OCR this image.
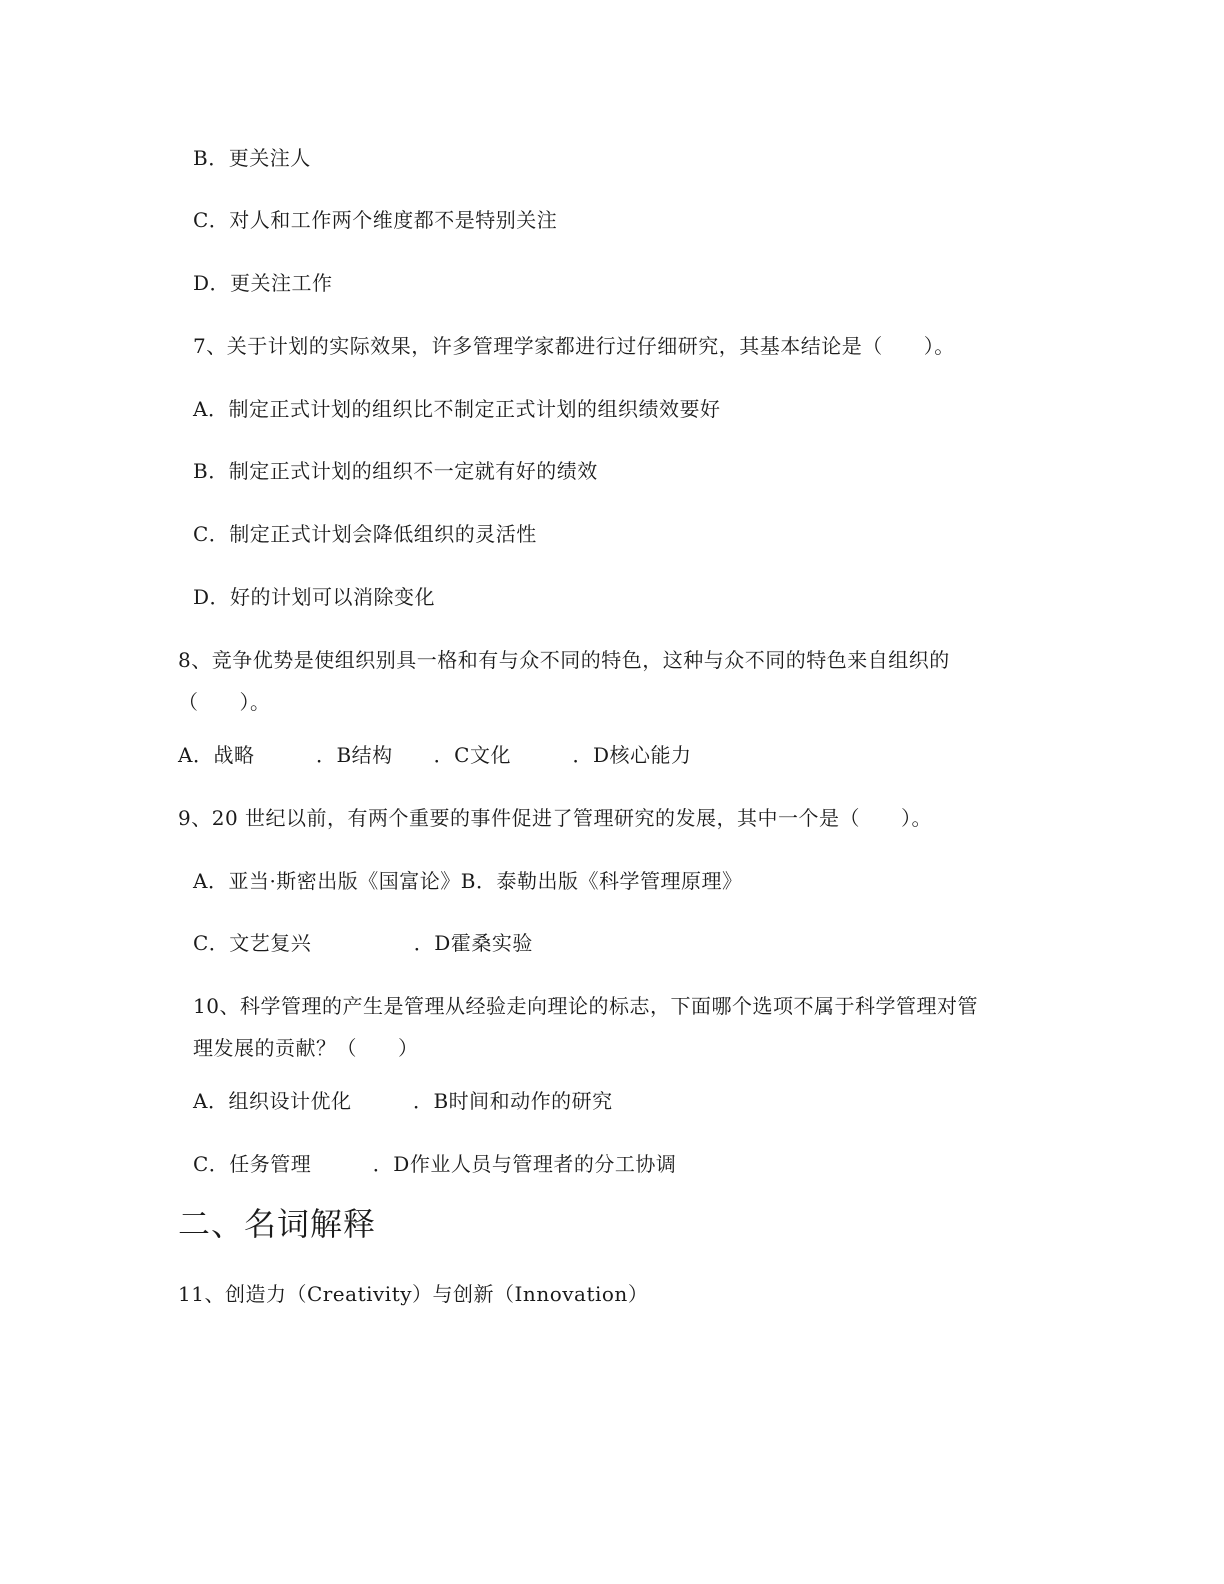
B．更关注人
C．对人和工作两个维度都不是特别关注
D．更关注工作
7、关于计划的实际效果，许多管理学家都进行过仔细研究，其基本结论是（　　）。
A．制定正式计划的组织比不制定正式计划的组织绩效要好
B．制定正式计划的组织不一定就有好的绩效
C．制定正式计划会降低组织的灵活性
D．好的计划可以消除变化
8、竞争优势是使组织别具一格和有与众不同的特色，这种与众不同的特色来自组织的
（　　）。
A．战略　　　．B结构　　．C文化　　　．D核心能力
9、20 世纪以前，有两个重要的事件促进了管理研究的发展，其中一个是（　　）。
A．亚当·斯密出版《国富论》B．泰勒出版《科学管理原理》
C．文艺复兴　　　　　．D霍桑实验
10、科学管理的产生是管理从经验走向理论的标志，下面哪个选项不属于科学管理对管
理发展的贡献？（　　）
A．组织设计优化　　　．B时间和动作的研究
C．任务管理　　　．D作业人员与管理者的分工协调
二、名词解释
11、创造力（Creativity）与创新（Innovation）
